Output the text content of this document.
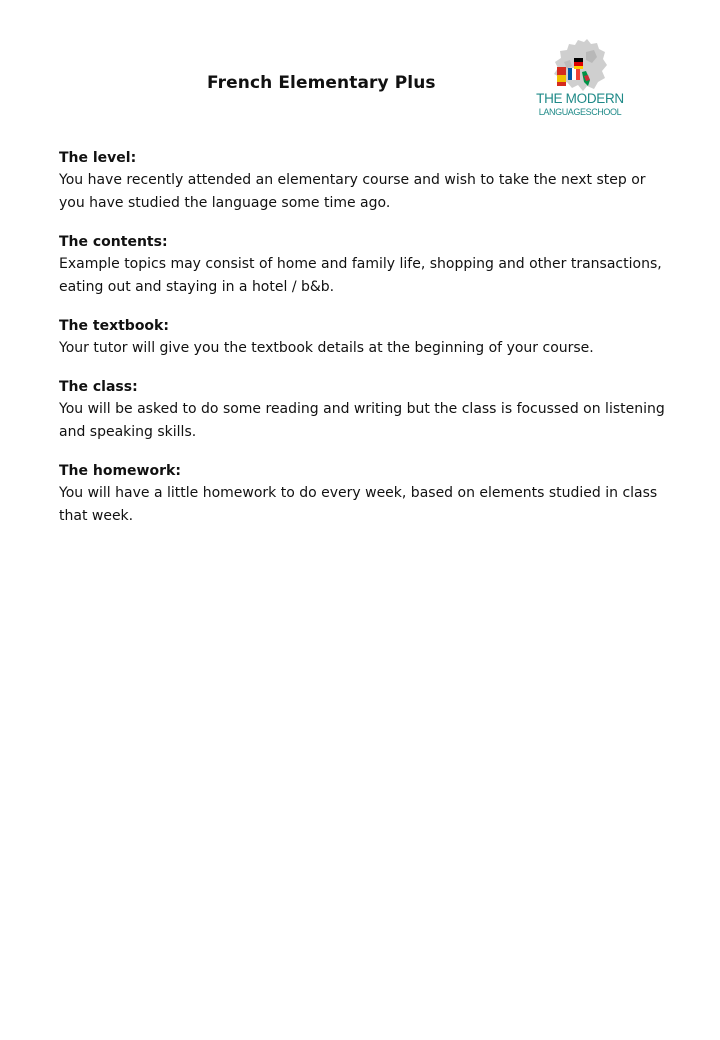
French Elementary Plus
THE MODERN
LANGUAGESCHOOL
The level:

You have recently attended an elementary course and wish to take the next step or you have studied the language some time ago.

The contents:

Example topics may consist of home and family life, shopping and other transactions, eating out and staying in a hotel / b&b.

The textbook:

Your tutor will give you the textbook details at the beginning of your course.

The class:

You will be asked to do some reading and writing but the class is focussed on listening and speaking skills.

The homework:

You will have a little homework to do every week, based on elements studied in class that week.
